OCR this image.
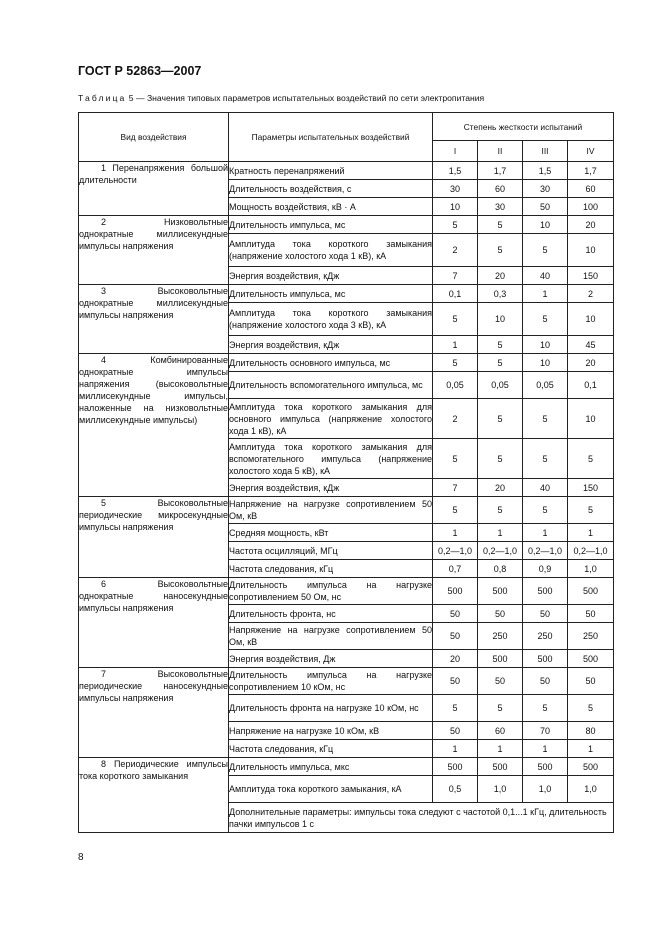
ГОСТ Р 52863—2007
Таблица 5 — Значения типовых параметров испытательных воздействий по сети электропитания
Вид воздействия	Параметры испытательных воздействий	Степень жесткости испытаний			
		I	II	III	IV

1 Перенапряжения большой длительности	Кратность перенапряжений	1,5	1,7	1,5	1,7
	Длительность воздействия, с	30	60	30	60
	Мощность воздействия, кВ · А	10	30	50	100

2 Низковольтные однократные миллисекундные импульсы напряжения	Длительность импульса, мс	5	5	10	20
	Амплитуда тока короткого замыкания (напряжение холостого хода 1 кВ), кА	2	5	5	10
	Энергия воздействия, кДж	7	20	40	150

3 Высоковольтные однократные миллисекундные импульсы напряжения	Длительность импульса, мс	0,1	0,3	1	2
	Амплитуда тока короткого замыкания (напряжение холостого хода 3 кВ), кА	5	10	5	10
	Энергия воздействия, кДж	1	5	10	45

4 Комбинированные однократные импульсы напряжения (высоковольтные миллисекундные импульсы, наложенные на низковольтные миллисекундные импульсы)	Длительность основного импульса, мс	5	5	10	20
	Длительность вспомогательного импульса, мс	0,05	0,05	0,05	0,1
	Амплитуда тока короткого замыкания для основного импульса (напряжение холостого хода 1 кВ), кА	2	5	5	10
	Амплитуда тока короткого замыкания для вспомогательного импульса (напряжение холостого хода 5 кВ), кА	5	5	5	5
	Энергия воздействия, кДж	7	20	40	150

5 Высоковольтные периодические микросекундные импульсы напряжения	Напряжение на нагрузке сопротивлением 50 Ом, кВ	5	5	5	5
	Средняя мощность, кВт	1	1	1	1
	Частота осцилляций, МГц	0,2—1,0	0,2—1,0	0,2—1,0	0,2—1,0
	Частота следования, кГц	0,7	0,8	0,9	1,0

6 Высоковольтные однократные наносекундные импульсы напряжения	Длительность импульса на нагрузке сопротивлением 50 Ом, нс	500	500	500	500
	Длительность фронта, нс	50	50	50	50
	Напряжение на нагрузке сопротивлением 50 Ом, кВ	50	250	250	250
	Энергия воздействия, Дж	20	500	500	500

7 Высоковольтные периодические наносекундные импульсы напряжения	Длительность импульса на нагрузке сопротивлением 10 кОм, нс	50	50	50	50
	Длительность фронта на нагрузке 10 кОм, нс	5	5	5	5
	Напряжение на нагрузке 10 кОм, кВ	50	60	70	80
	Частота следования, кГц	1	1	1	1

8 Периодические импульсы тока короткого замыкания	Длительность импульса, мкс	500	500	500	500
	Амплитуда тока короткого замыкания, кА	0,5	1,0	1,0	1,0
	Дополнительные параметры: импульсы тока следуют с частотой 0,1...1 кГц, длительность пачки импульсов 1 с				
8
